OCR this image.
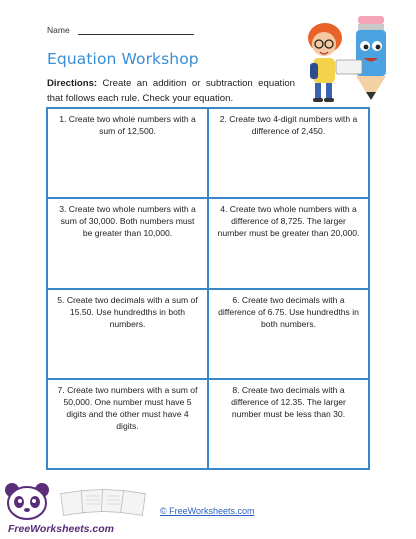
Name
Equation Workshop
Directions: Create an addition or subtraction equation that follows each rule. Check your equation.
1. Create two whole numbers with a sum of 12,500.
2. Create two 4-digit numbers with a difference of 2,450.
3. Create two whole numbers with a sum of 30,000. Both numbers must be greater than 10,000.
4. Create two whole numbers with a difference of 8,725. The larger number must be greater than 20,000.
5. Create two decimals with a sum of 15.50. Use hundredths in both numbers.
6. Create two decimals with a difference of 6.75. Use hundredths in both numbers.
7. Create two numbers with a sum of 50,000. One number must have 5 digits and the other must have 4 digits.
8. Create two decimals with a difference of 12.35. The larger number must be less than 30.
FreeWorksheets.com
© FreeWorksheets.com
